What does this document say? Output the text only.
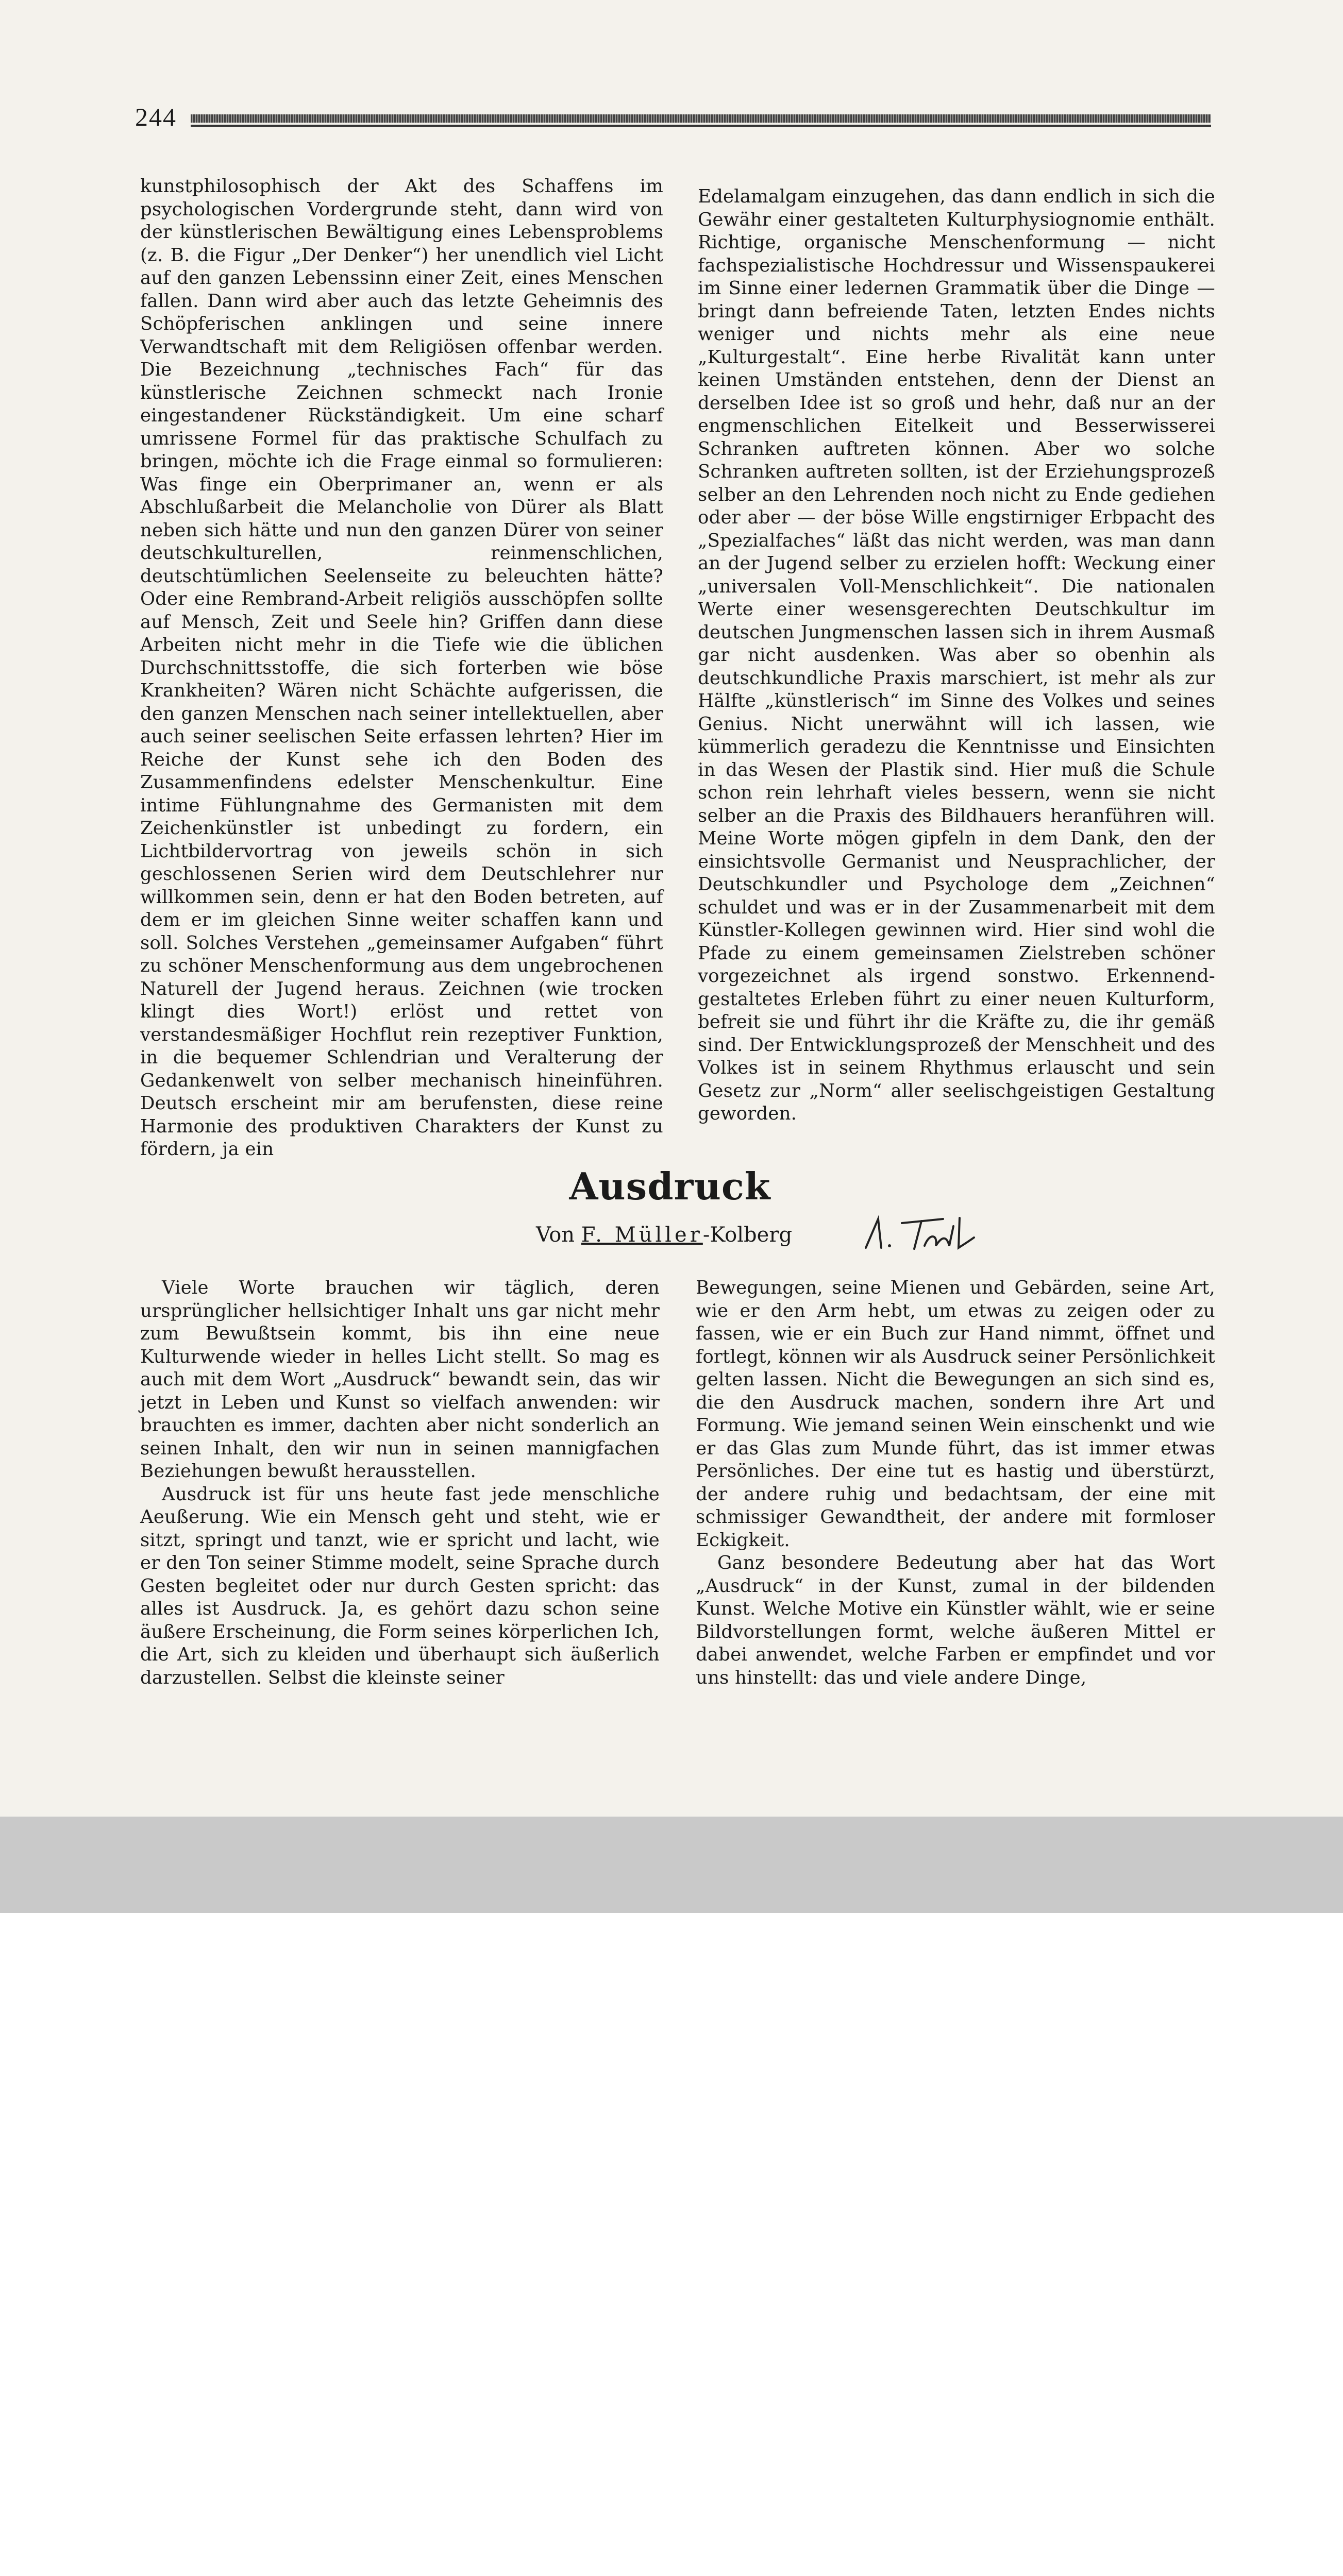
244

kunstphilosophisch der Akt des Schaffens im psychologischen Vordergrunde steht, dann wird von der künstlerischen Bewältigung eines Lebensproblems (z. B. die Figur „Der Denker“) her unendlich viel Licht auf den ganzen Lebenssinn einer Zeit, eines Menschen fallen. Dann wird aber auch das letzte Geheimnis des Schöpferischen anklingen und seine innere Verwandtschaft mit dem Religiösen offenbar werden. Die Bezeichnung „technisches Fach“ für das künstlerische Zeichnen schmeckt nach Ironie eingestandener Rückständigkeit. Um eine scharf umrissene Formel für das praktische Schulfach zu bringen, möchte ich die Frage einmal so formulieren: Was finge ein Oberprimaner an, wenn er als Abschlußarbeit die Melancholie von Dürer als Blatt neben sich hätte und nun den ganzen Dürer von seiner deutschkulturellen, reinmenschlichen, deutschtümlichen Seelenseite zu beleuchten hätte? Oder eine Rembrand-Arbeit religiös ausschöpfen sollte auf Mensch, Zeit und Seele hin? Griffen dann diese Arbeiten nicht mehr in die Tiefe wie die üblichen Durchschnittsstoffe, die sich forterben wie böse Krankheiten? Wären nicht Schächte aufgerissen, die den ganzen Menschen nach seiner intellektuellen, aber auch seiner seelischen Seite erfassen lehrten? Hier im Reiche der Kunst sehe ich den Boden des Zusammenfindens edelster Menschenkultur. Eine intime Fühlungnahme des Germanisten mit dem Zeichenkünstler ist unbedingt zu fordern, ein Lichtbildervortrag von jeweils schön in sich geschlossenen Serien wird dem Deutschlehrer nur willkommen sein, denn er hat den Boden betreten, auf dem er im gleichen Sinne weiter schaffen kann und soll. Solches Verstehen „gemeinsamer Aufgaben“ führt zu schöner Menschenformung aus dem ungebrochenen Naturell der Jugend heraus. Zeichnen (wie trocken klingt dies Wort!) erlöst und rettet von verstandesmäßiger Hochflut rein rezeptiver Funktion, in die bequemer Schlendrian und Veralterung der Gedankenwelt von selber mechanisch hineinführen. Deutsch erscheint mir am berufensten, diese reine Harmonie des produktiven Charakters der Kunst zu fördern, ja ein

Edelamalgam einzugehen, das dann endlich in sich die Gewähr einer gestalteten Kulturphysiognomie enthält. Richtige, organische Menschenformung — nicht fachspezialistische Hochdressur und Wissenspaukerei im Sinne einer ledernen Grammatik über die Dinge — bringt dann befreiende Taten, letzten Endes nichts weniger und nichts mehr als eine neue „Kulturgestalt“. Eine herbe Rivalität kann unter keinen Umständen entstehen, denn der Dienst an derselben Idee ist so groß und hehr, daß nur an der engmenschlichen Eitelkeit und Besserwisserei Schranken auftreten können. Aber wo solche Schranken auftreten sollten, ist der Erziehungsprozeß selber an den Lehrenden noch nicht zu Ende gediehen oder aber — der böse Wille engstirniger Erbpacht des „Spezialfaches“ läßt das nicht werden, was man dann an der Jugend selber zu erzielen hofft: Weckung einer „universalen Voll-Menschlichkeit“. Die nationalen Werte einer wesensgerechten Deutschkultur im deutschen Jungmenschen lassen sich in ihrem Ausmaß gar nicht ausdenken. Was aber so obenhin als deutschkundliche Praxis marschiert, ist mehr als zur Hälfte „künstlerisch“ im Sinne des Volkes und seines Genius. Nicht unerwähnt will ich lassen, wie kümmerlich geradezu die Kenntnisse und Einsichten in das Wesen der Plastik sind. Hier muß die Schule schon rein lehrhaft vieles bessern, wenn sie nicht selber an die Praxis des Bildhauers heranführen will. Meine Worte mögen gipfeln in dem Dank, den der einsichtsvolle Germanist und Neusprachlicher, der Deutschkundler und Psychologe dem „Zeichnen“ schuldet und was er in der Zusammenarbeit mit dem Künstler-Kollegen gewinnen wird. Hier sind wohl die Pfade zu einem gemeinsamen Zielstreben schöner vorgezeichnet als irgend sonstwo. Erkennend-gestaltetes Erleben führt zu einer neuen Kulturform, befreit sie und führt ihr die Kräfte zu, die ihr gemäß sind. Der Entwicklungsprozeß der Menschheit und des Volkes ist in seinem Rhythmus erlauscht und sein Gesetz zur „Norm“ aller seelischgeistigen Gestaltung geworden.

Ausdruck
Von F. Müller-Kolberg

Viele Worte brauchen wir täglich, deren ursprünglicher hellsichtiger Inhalt uns gar nicht mehr zum Bewußtsein kommt, bis ihn eine neue Kulturwende wieder in helles Licht stellt. So mag es auch mit dem Wort „Ausdruck“ bewandt sein, das wir jetzt in Leben und Kunst so vielfach anwenden: wir brauchten es immer, dachten aber nicht sonderlich an seinen Inhalt, den wir nun in seinen mannigfachen Beziehungen bewußt herausstellen.

Ausdruck ist für uns heute fast jede menschliche Aeußerung. Wie ein Mensch geht und steht, wie er sitzt, springt und tanzt, wie er spricht und lacht, wie er den Ton seiner Stimme modelt, seine Sprache durch Gesten begleitet oder nur durch Gesten spricht: das alles ist Ausdruck. Ja, es gehört dazu schon seine äußere Erscheinung, die Form seines körperlichen Ich, die Art, sich zu kleiden und überhaupt sich äußerlich darzustellen. Selbst die kleinste seiner

Bewegungen, seine Mienen und Gebärden, seine Art, wie er den Arm hebt, um etwas zu zeigen oder zu fassen, wie er ein Buch zur Hand nimmt, öffnet und fortlegt, können wir als Ausdruck seiner Persönlichkeit gelten lassen. Nicht die Bewegungen an sich sind es, die den Ausdruck machen, sondern ihre Art und Formung. Wie jemand seinen Wein einschenkt und wie er das Glas zum Munde führt, das ist immer etwas Persönliches. Der eine tut es hastig und überstürzt, der andere ruhig und bedachtsam, der eine mit schmissiger Gewandtheit, der andere mit formloser Eckigkeit.

Ganz besondere Bedeutung aber hat das Wort „Ausdruck“ in der Kunst, zumal in der bildenden Kunst. Welche Motive ein Künstler wählt, wie er seine Bildvorstellungen formt, welche äußeren Mittel er dabei anwendet, welche Farben er empfindet und vor uns hinstellt: das und viele andere Dinge,
